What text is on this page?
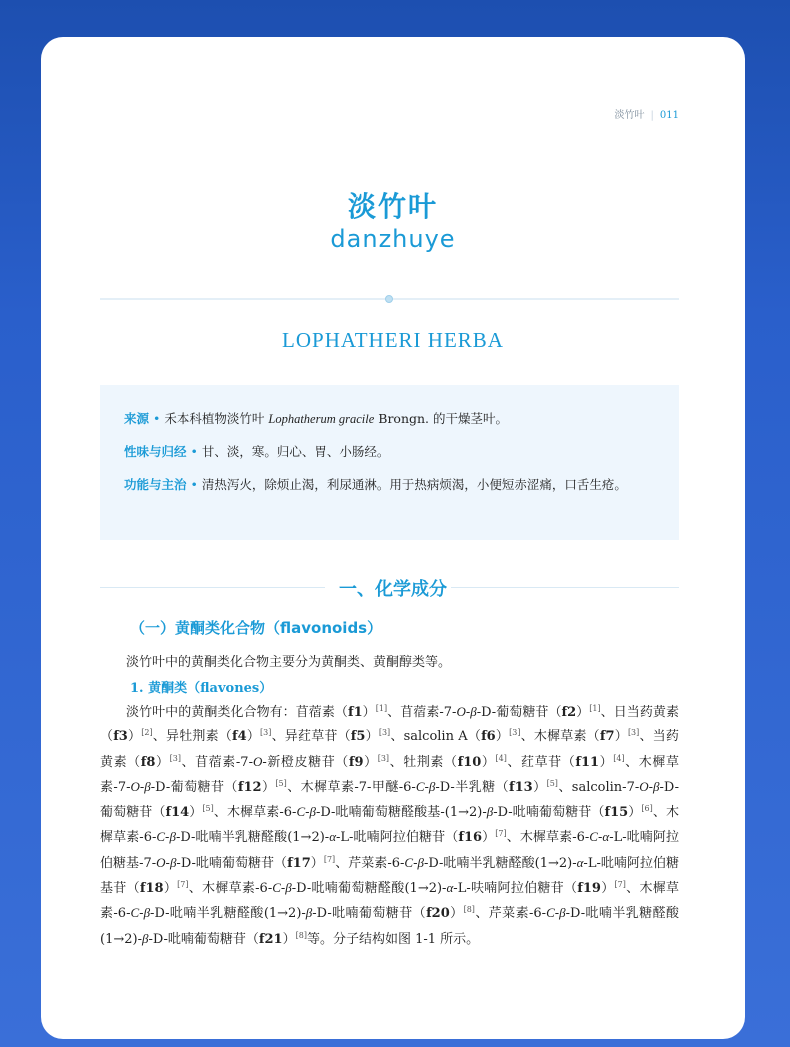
淡竹叶 | 011
淡竹叶
danzhuye
LOPHATHERI HERBA
来源 • 禾本科植物淡竹叶 Lophatherum gracile Brongn. 的干燥茎叶。
性味与归经 • 甘、淡，寒。归心、胃、小肠经。
功能与主治 • 清热泻火，除烦止渴，利尿通淋。用于热病烦渴，小便短赤涩痛，口舌生疮。
一、化学成分
（一）黄酮类化合物（flavonoids）
淡竹叶中的黄酮类化合物主要分为黄酮类、黄酮醇类等。
1. 黄酮类（flavones）
淡竹叶中的黄酮类化合物有：苜蓿素（f1）[1]、苜蓿素-7-O-β-D-葡萄糖苷（f2）[1]、日当药黄素（f3）[2]、异牡荆素（f4）[3]、异荭草苷（f5）[3]、salcolin A（f6）[3]、木樨草素（f7）[3]、当药黄素（f8）[3]、苜蓿素-7-O-新橙皮糖苷（f9）[3]、牡荆素（f10）[4]、荭草苷（f11）[4]、木樨草素-7-O-β-D-葡萄糖苷（f12）[5]、木樨草素-7-甲醚-6-C-β-D-半乳糖（f13）[5]、salcolin-7-O-β-D-葡萄糖苷（f14）[5]、木樨草素-6-C-β-D-吡喃葡萄糖醛酸基-(1→2)-β-D-吡喃葡萄糖苷（f15）[6]、木樨草素-6-C-β-D-吡喃半乳糖醛酸(1→2)-α-L-吡喃阿拉伯糖苷（f16）[7]、木樨草素-6-C-α-L-吡喃阿拉伯糖基-7-O-β-D-吡喃葡萄糖苷（f17）[7]、芹菜素-6-C-β-D-吡喃半乳糖醛酸(1→2)-α-L-吡喃阿拉伯糖基苷（f18）[7]、木樨草素-6-C-β-D-吡喃葡萄糖醛酸(1→2)-α-L-呋喃阿拉伯糖苷（f19）[7]、木樨草素-6-C-β-D-吡喃半乳糖醛酸(1→2)-β-D-吡喃葡萄糖苷（f20）[8]、芹菜素-6-C-β-D-吡喃半乳糖醛酸(1→2)-β-D-吡喃葡萄糖苷（f21）[8]等。分子结构如图 1-1 所示。
